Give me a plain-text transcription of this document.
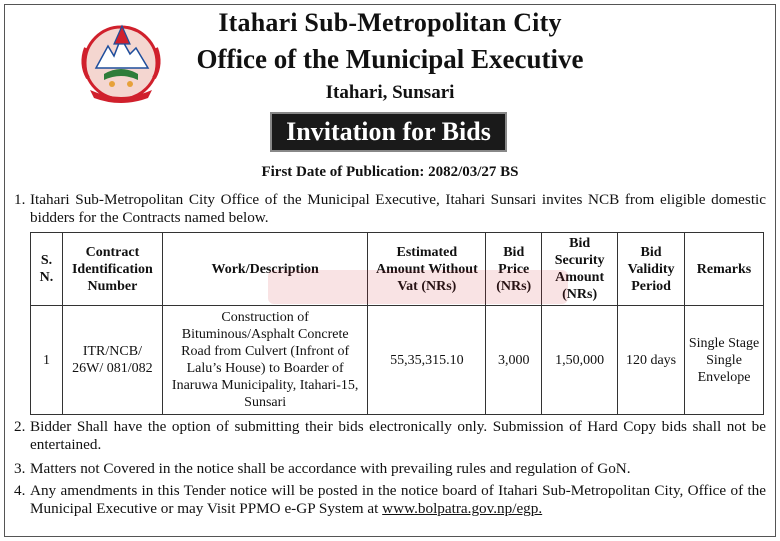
Itahari Sub-Metropolitan City
Office of the Municipal Executive
Itahari, Sunsari
Invitation for Bids
First Date of Publication: 2082/03/27 BS
1. Itahari Sub-Metropolitan City Office of the Municipal Executive, Itahari Sunsari invites NCB from eligible domestic bidders for the Contracts named below.
S. N.	Contract Identification Number	Work/Description	Estimated Amount Without Vat (NRs)	Bid Price (NRs)	Bid Security Amount (NRs)	Bid Validity Period	Remarks
1	ITR/NCB/ 26W/ 081/082	Construction of Bituminous/Asphalt Concrete Road from Culvert (Infront of Lalu’s House) to Boarder of Inaruwa Municipality, Itahari-15, Sunsari	55,35,315.10	3,000	1,50,000	120 days	Single Stage Single Envelope
2. Bidder Shall have the option of submitting their bids electronically only. Submission of Hard Copy bids shall not be entertained.
3. Matters not Covered in the notice shall be accordance with prevailing rules and regulation of GoN.
4. Any amendments in this Tender notice will be posted in the notice board of Itahari Sub-Metropolitan City, Office of the Municipal Executive or may Visit PPMO e-GP System at www.bolpatra.gov.np/egp.
